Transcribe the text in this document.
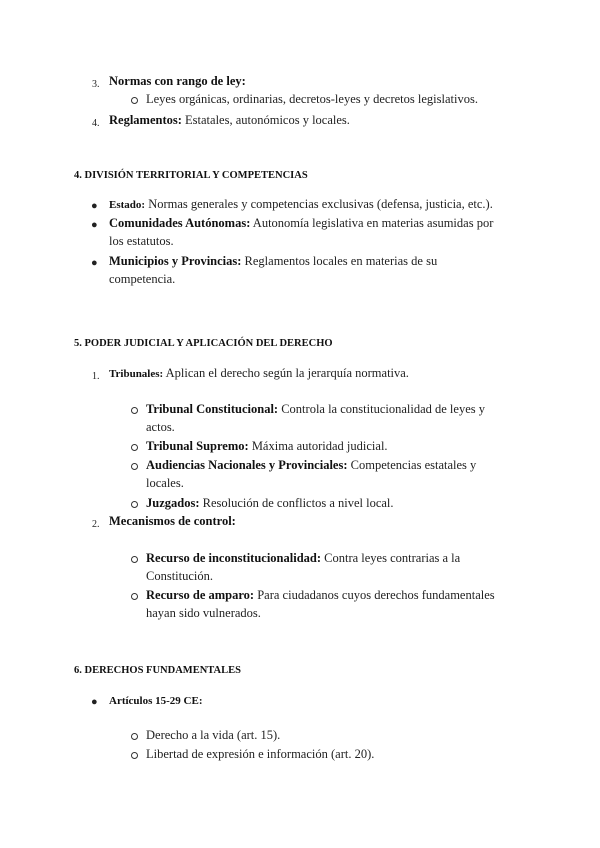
3. Normas con rango de ley:
Leyes orgánicas, ordinarias, decretos-leyes y decretos legislativos.
4. Reglamentos: Estatales, autonómicos y locales.
4. DIVISIÓN TERRITORIAL Y COMPETENCIAS
● Estado: Normas generales y competencias exclusivas (defensa, justicia, etc.).
● Comunidades Autónomas: Autonomía legislativa en materias asumidas por
los estatutos.
● Municipios y Provincias: Reglamentos locales en materias de su
competencia.
5. PODER JUDICIAL Y APLICACIÓN DEL DERECHO
1. Tribunales: Aplican el derecho según la jerarquía normativa.
Tribunal Constitucional: Controla la constitucionalidad de leyes y
actos.
Tribunal Supremo: Máxima autoridad judicial.
Audiencias Nacionales y Provinciales: Competencias estatales y
locales.
Juzgados: Resolución de conflictos a nivel local.
2. Mecanismos de control:
Recurso de inconstitucionalidad: Contra leyes contrarias a la
Constitución.
Recurso de amparo: Para ciudadanos cuyos derechos fundamentales
hayan sido vulnerados.
6. DERECHOS FUNDAMENTALES
● Artículos 15-29 CE:
Derecho a la vida (art. 15).
Libertad de expresión e información (art. 20).
